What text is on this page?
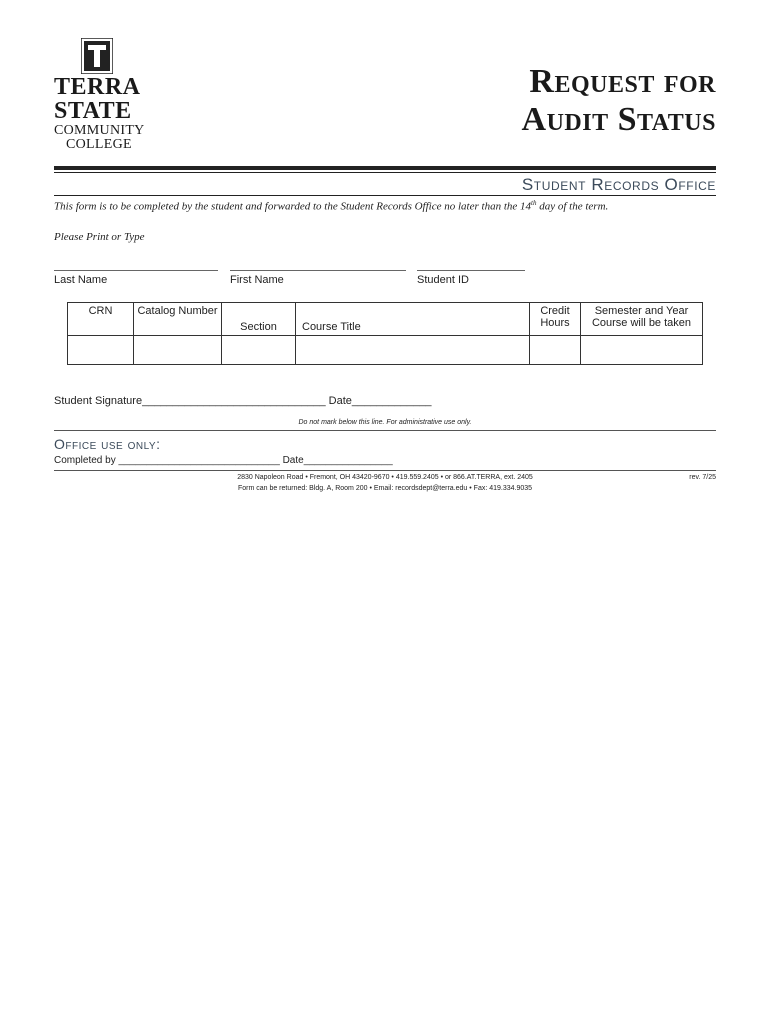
TERRA
STATE
COMMUNITY
COLLEGE
Request for
Audit Status
Student Records Office
This form is to be completed by the student and forwarded to the Student Records Office no later than the 14th day of the term.
Please Print or Type
Last Name	First Name	Student ID
CRN	Catalog Number	Section	Course Title	Credit Hours	Semester and Year Course will be taken

Student Signature______________________________ Date_____________
Do not mark below this line. For administrative use only.
Office use only:
Completed by _____________________________ Date________________
2830 Napoleon Road • Fremont, OH 43420-9670 • 419.559.2405 • or 866.AT.TERRA, ext. 2405
Form can be returned: Bldg. A, Room 200 • Email: recordsdept@terra.edu • Fax: 419.334.9035
rev. 7/25
